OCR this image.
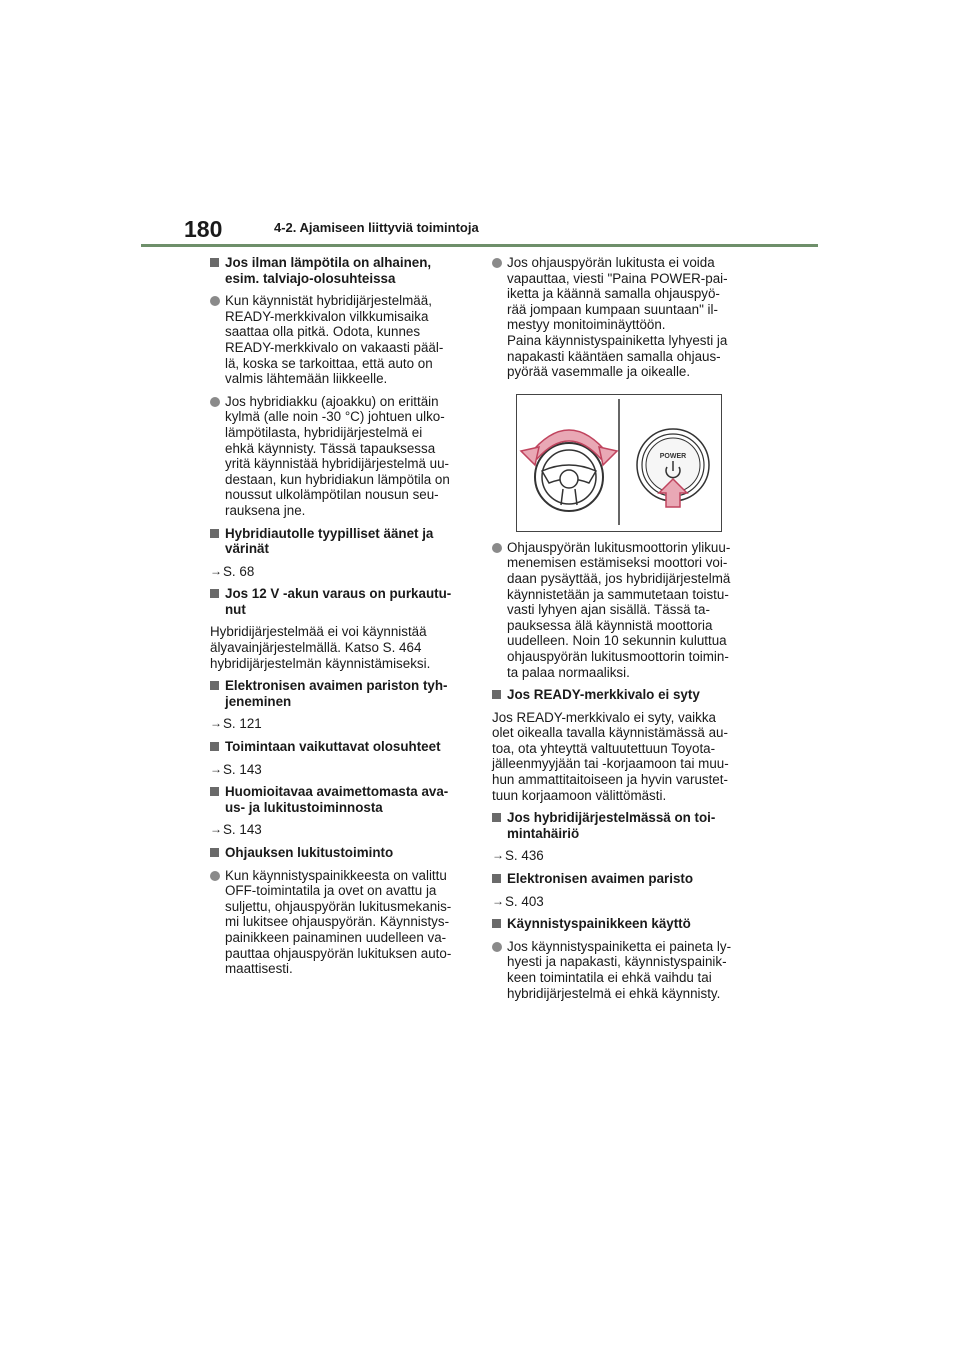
180	4-2. Ajamiseen liittyviä toimintoja
Jos ilman lämpötila on alhainen,
esim. talviajo-olosuhteissa
Kun käynnistät hybridijärjestelmää,
READY-merkkivalon vilkkumisaika
saattaa olla pitkä. Odota, kunnes
READY-merkkivalo on vakaasti pääl-
lä, koska se tarkoittaa, että auto on
valmis lähtemään liikkeelle.
Jos hybridiakku (ajoakku) on erittäin
kylmä (alle noin -30 °C) johtuen ulko-
lämpötilasta, hybridijärjestelmä ei
ehkä käynnisty. Tässä tapauksessa
yritä käynnistää hybridijärjestelmä uu-
destaan, kun hybridiakun lämpötila on
noussut ulkolämpötilan nousun seu-
rauksena jne.
Hybridiautolle tyypilliset äänet ja
värinät
→ S. 68
Jos 12 V -akun varaus on purkautu-
nut
Hybridijärjestelmää ei voi käynnistää
älyavainjärjestelmällä. Katso S. 464
hybridijärjestelmän käynnistämiseksi.
Elektronisen avaimen pariston tyh-
jeneminen
→ S. 121
Toimintaan vaikuttavat olosuhteet
→ S. 143
Huomioitavaa avaimettomasta ava-
us- ja lukitustoiminnosta
→ S. 143
Ohjauksen lukitustoiminto
Kun käynnistyspainikkeesta on valittu
OFF-toimintatila ja ovet on avattu ja
suljettu, ohjauspyörän lukitusmekanis-
mi lukitsee ohjauspyörän. Käynnistys-
painikkeen painaminen uudelleen va-
pauttaa ohjauspyörän lukituksen auto-
maattisesti.
Jos ohjauspyörän lukitusta ei voida
vapauttaa, viesti "Paina POWER-pai-
iketta ja käännä samalla ohjauspyö-
rää jompaan kumpaan suuntaan" il-
mestyy monitoiminäyttöön.
Paina käynnistyspainiketta lyhyesti ja
napakasti kääntäen samalla ohjaus-
pyörää vasemmalle ja oikealle.
POWER
Ohjauspyörän lukitusmoottorin ylikuu-
menemisen estämiseksi moottori voi-
daan pysäyttää, jos hybridijärjestelmä
käynnistetään ja sammutetaan toistu-
vasti lyhyen ajan sisällä. Tässä ta-
pauksessa älä käynnistä moottoria
uudelleen. Noin 10 sekunnin kuluttua
ohjauspyörän lukitusmoottorin toimin-
ta palaa normaaliksi.
Jos READY-merkkivalo ei syty
Jos READY-merkkivalo ei syty, vaikka
olet oikealla tavalla käynnistämässä au-
toa, ota yhteyttä valtuutettuun Toyota-
jälleenmyyjään tai -korjaamoon tai muu-
hun ammattitaitoiseen ja hyvin varustet-
tuun korjaamoon välittömästi.
Jos hybridijärjestelmässä on toi-
mintahäiriö
→ S. 436
Elektronisen avaimen paristo
→ S. 403
Käynnistyspainikkeen käyttö
Jos käynnistyspainiketta ei paineta ly-
hyesti ja napakasti, käynnistyspainik-
keen toimintatila ei ehkä vaihdu tai
hybridijärjestelmä ei ehkä käynnisty.
